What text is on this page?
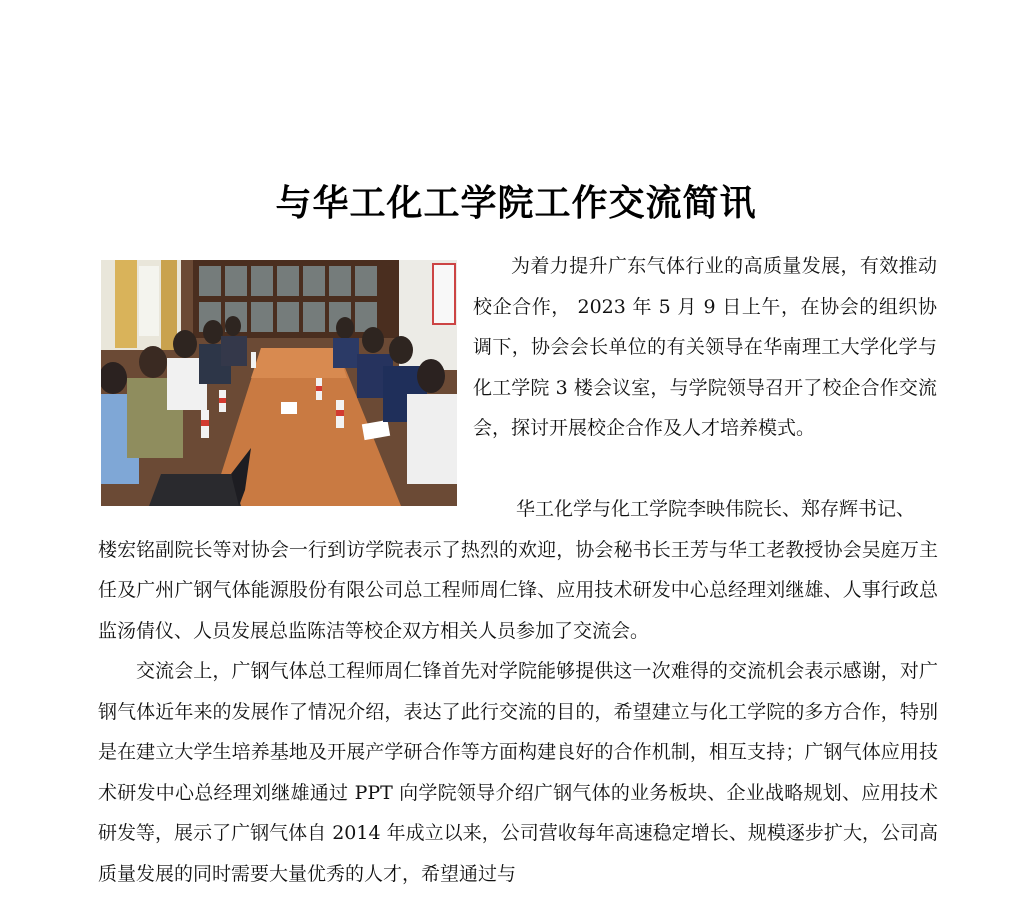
与华工化工学院工作交流简讯

为着力提升广东气体行业的高质量发展，有效推动校企合作， 2023 年 5 月 9 日上午，在协会的组织协调下，协会会长单位的有关领导在华南理工大学化学与化工学院 3 楼会议室，与学院领导召开了校企合作交流会，探讨开展校企合作及人才培养模式。

华工化学与化工学院李映伟院长、郑存辉书记、

楼宏铭副院长等对协会一行到访学院表示了热烈的欢迎，协会秘书长王芳与华工老教授协会吴庭万主任及广州广钢气体能源股份有限公司总工程师周仁锋、应用技术研发中心总经理刘继雄、人事行政总监汤倩仪、人员发展总监陈洁等校企双方相关人员参加了交流会。

交流会上，广钢气体总工程师周仁锋首先对学院能够提供这一次难得的交流机会表示感谢，对广钢气体近年来的发展作了情况介绍，表达了此行交流的目的，希望建立与化工学院的多方合作，特别是在建立大学生培养基地及开展产学研合作等方面构建良好的合作机制，相互支持；广钢气体应用技术研发中心总经理刘继雄通过 PPT 向学院领导介绍广钢气体的业务板块、企业战略规划、应用技术研发等，展示了广钢气体自 2014 年成立以来，公司营收每年高速稳定增长、规模逐步扩大，公司高质量发展的同时需要大量优秀的人才，希望通过与
